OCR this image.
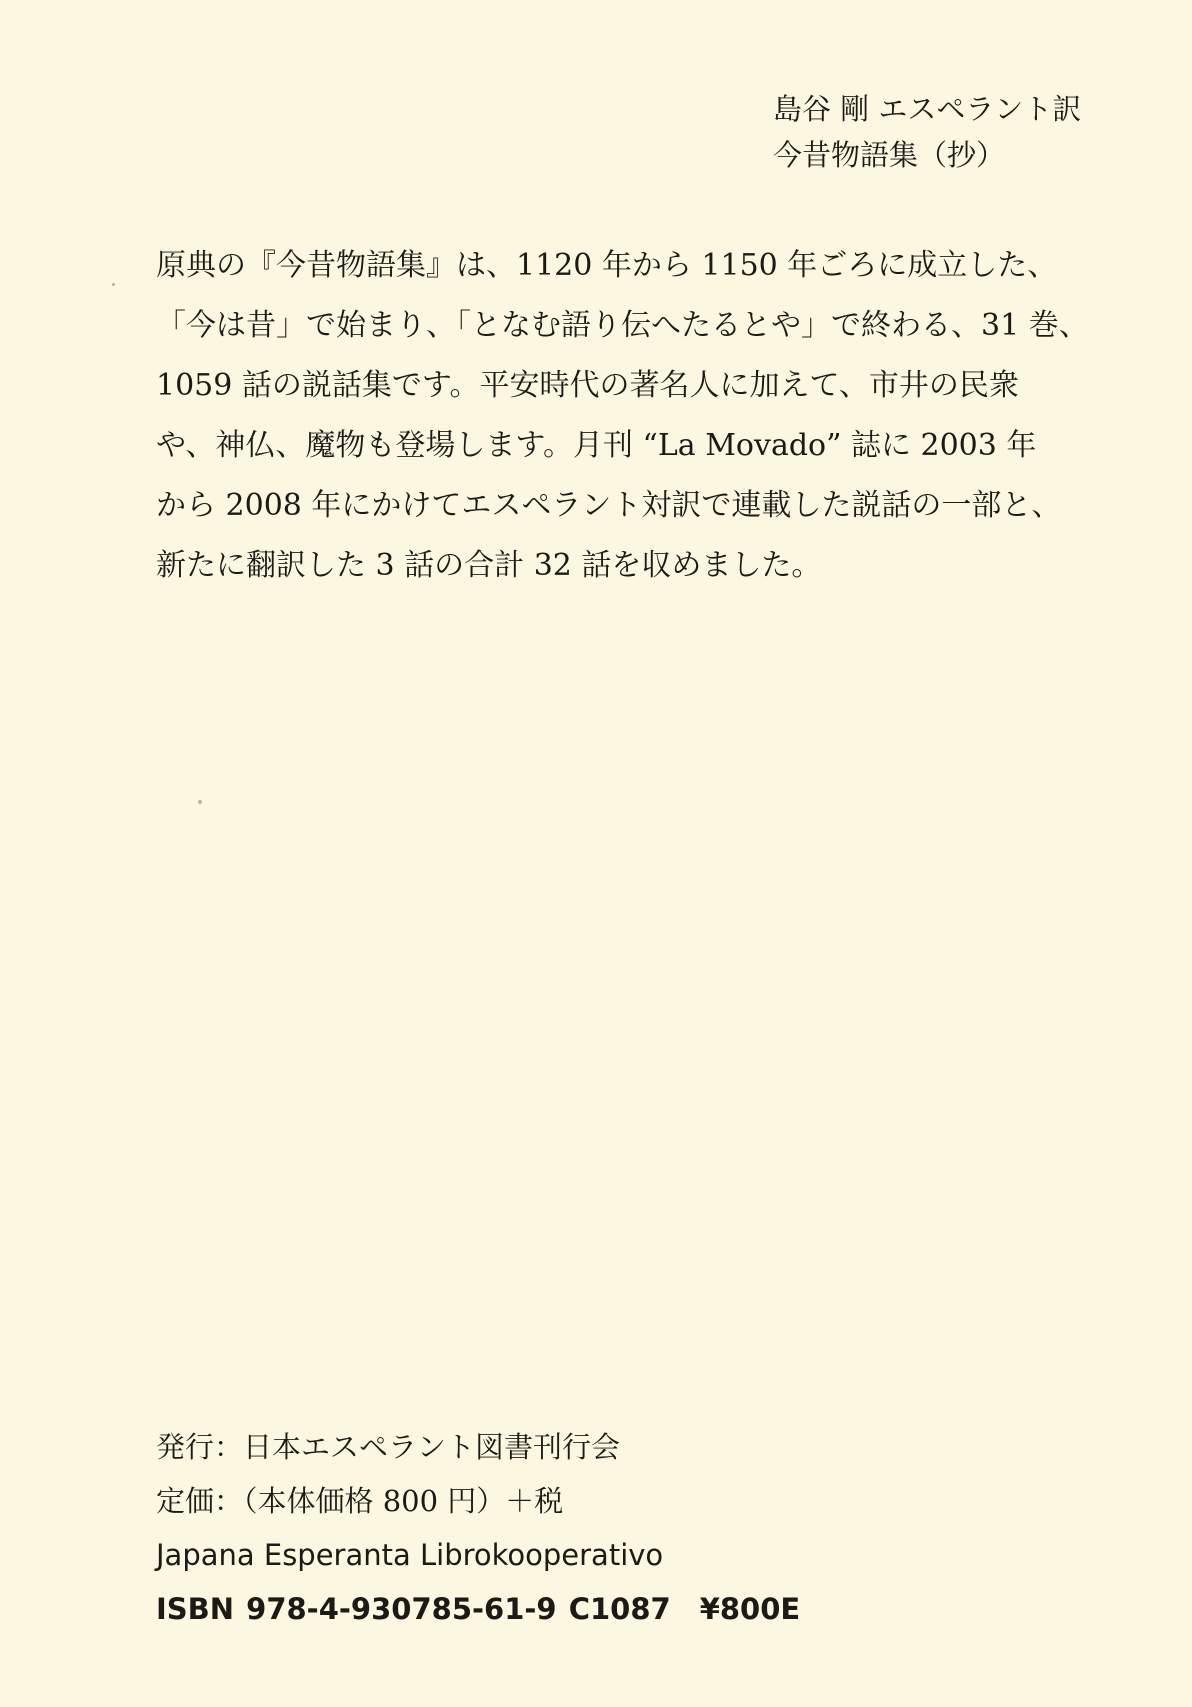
島谷 剛 エスペラント訳
今昔物語集（抄）
原典の『今昔物語集』は、1120 年から 1150 年ごろに成立した、
「今は昔」で始まり、「となむ語り伝へたるとや」で終わる、31 巻、
1059 話の説話集です。平安時代の著名人に加えて、市井の民衆
や、神仏、魔物も登場します。月刊 “La Movado” 誌に 2003 年
から 2008 年にかけてエスペラント対訳で連載した説話の一部と、
新たに翻訳した 3 話の合計 32 話を収めました。
発行：日本エスペラント図書刊行会
定価：（本体価格 800 円）＋税
Japana Esperanta Librokooperativo
ISBN 978-4-930785-61-9 C1087　¥800E
